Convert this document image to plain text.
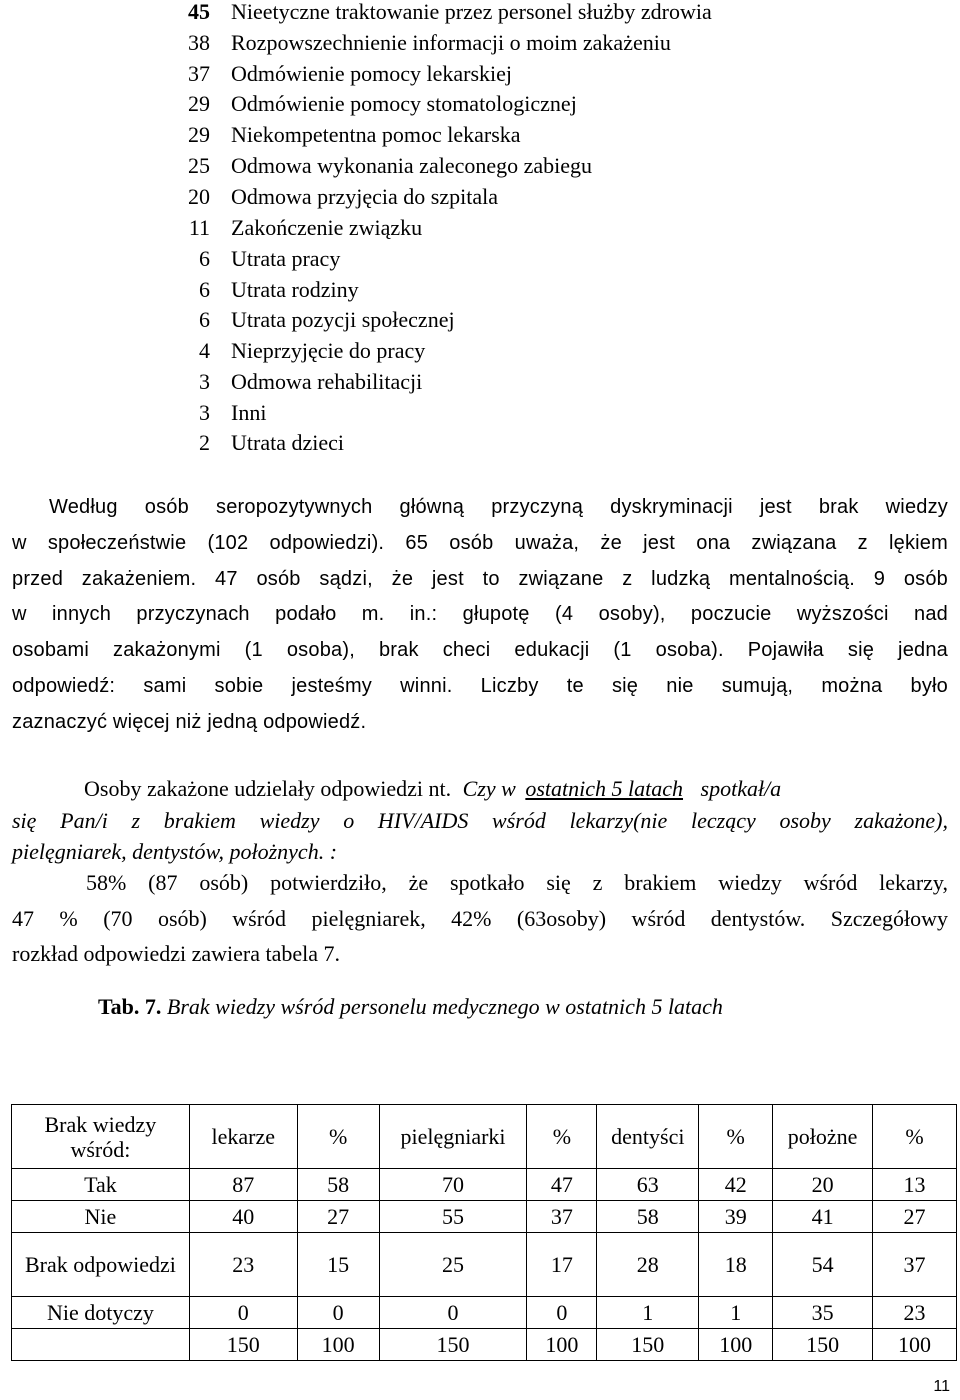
45 Nieetyczne traktowanie przez personel służby zdrowia
38 Rozpowszechnienie informacji o moim zakażeniu
37 Odmówienie pomocy lekarskiej
29 Odmówienie pomocy stomatologicznej
29 Niekompetentna pomoc lekarska
25 Odmowa wykonania zaleconego zabiegu
20 Odmowa przyjęcia do szpitala
11 Zakończenie związku
6 Utrata pracy
6 Utrata rodziny
6 Utrata pozycji społecznej
4 Nieprzyjęcie do pracy
3 Odmowa rehabilitacji
3 Inni
2 Utrata dzieci
Według osób seropozytywnych główną przyczyną dyskryminacji jest brak wiedzy
w społeczeństwie (102 odpowiedzi). 65 osób uważa, że jest ona związana z lękiem
przed zakażeniem. 47 osób sądzi, że jest to związane z ludzką mentalnością. 9 osób
w innych przyczynach podało m. in.: głupotę (4 osoby), poczucie wyższości nad
osobami zakażonymi (1 osoba), brak checi edukacji (1 osoba). Pojawiła się jedna
odpowiedź: sami sobie jesteśmy winni. Liczby te się nie sumują, można było
zaznaczyć więcej niż jedną odpowiedź.
Osoby zakażone udzielały odpowiedzi nt. Czy w ostatnich 5 latach spotkał/a
się Pan/i z brakiem wiedzy o HIV/AIDS wśród lekarzy(nie leczący osoby zakażone),
pielęgniarek, dentystów, położnych. :
58% (87 osób) potwierdziło, że spotkało się z brakiem wiedzy wśród lekarzy,
47 % (70 osób) wśród pielęgniarek, 42% (63osoby) wśród dentystów. Szczegółowy
rozkład odpowiedzi zawiera tabela 7.
Tab. 7. Brak wiedzy wśród personelu medycznego w ostatnich 5 latach
Brak wiedzy wśród:	lekarze	%	pielęgniarki	%	dentyści	%	położne	%
Tak	87	58	70	47	63	42	20	13
Nie	40	27	55	37	58	39	41	27
Brak odpowiedzi	23	15	25	17	28	18	54	37
Nie dotyczy	0	0	0	0	1	1	35	23
	150	100	150	100	150	100	150	100
11
